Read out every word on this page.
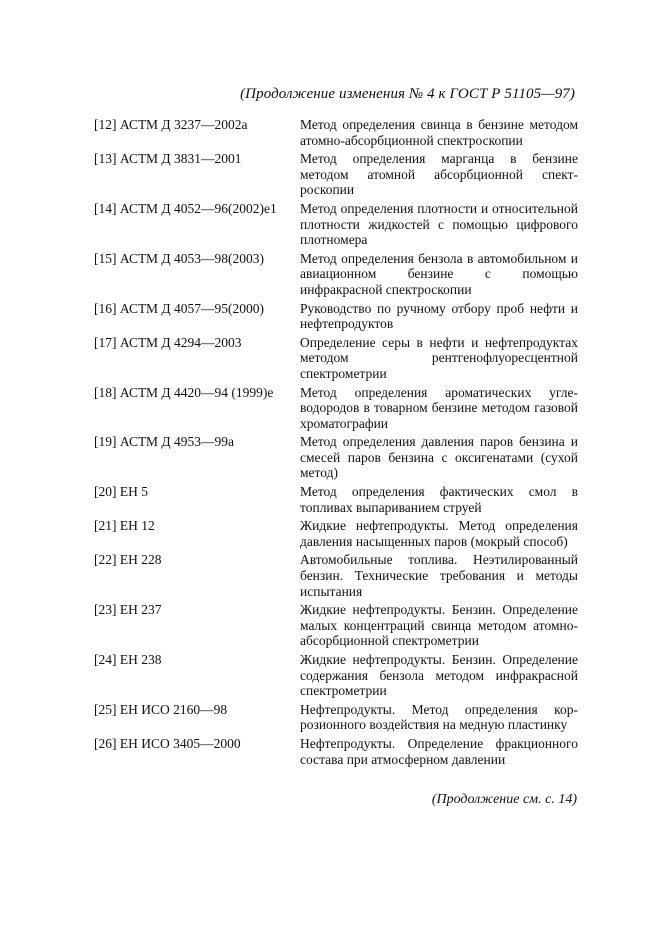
(Продолжение изменения № 4 к ГОСТ Р 51105—97)
[12] АСТМ Д 3237—2002а	Метод определения свинца в бензине методом атомно-абсорбционной спектроскопии
[13] АСТМ Д 3831—2001	Метод определения марганца в бензине методом атомной абсорбционной спектроскопии
[14] АСТМ Д 4052—96(2002)е1	Метод определения плотности и относительной плотности жидкостей с помощью цифрового плотномера
[15] АСТМ Д 4053—98(2003)	Метод определения бензола в автомобильном и авиационном бензине с помощью инфракрасной спектроскопии
[16] АСТМ Д 4057—95(2000)	Руководство по ручному отбору проб нефти и нефтепродуктов
[17] АСТМ Д 4294—2003	Определение серы в нефти и нефтепродуктах методом рентгенофлуоресцентной спектрометрии
[18] АСТМ Д 4420—94 (1999)е	Метод определения ароматических углеводородов в товарном бензине методом газовой хроматографии
[19] АСТМ Д 4953—99а	Метод определения давления паров бензина и смесей паров бензина с оксигенатами (сухой метод)
[20] ЕН 5	Метод определения фактических смол в топливах выпариванием струей
[21] ЕН 12	Жидкие нефтепродукты. Метод определения давления насыщенных паров (мокрый способ)
[22] ЕН 228	Автомобильные топлива. Неэтилированный бензин. Технические требования и методы испытания
[23] ЕН 237	Жидкие нефтепродукты. Бензин. Определение малых концентраций свинца методом атомно-абсорбционной спектрометрии
[24] ЕН 238	Жидкие нефтепродукты. Бензин. Определение содержания бензола методом инфракрасной спектрометрии
[25] ЕН ИСО 2160—98	Нефтепродукты. Метод определения коррозионного воздействия на медную пластинку
[26] ЕН ИСО 3405—2000	Нефтепродукты. Определение фракционного состава при атмосферном давлении
(Продолжение см. с. 14)
